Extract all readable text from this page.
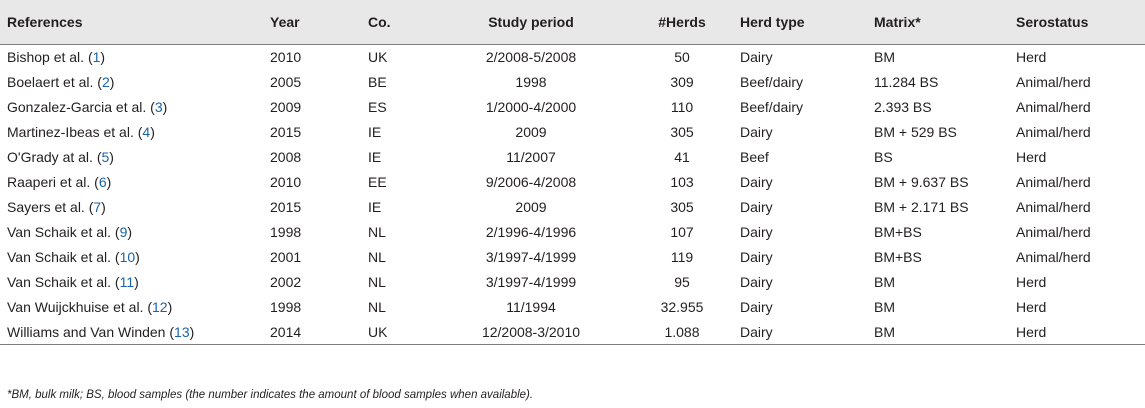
References	Year	Co.	Study period	#Herds	Herd type	Matrix*	Serostatus
Bishop et al. (1)	2010	UK	2/2008-5/2008	50	Dairy	BM	Herd
Boelaert et al. (2)	2005	BE	1998	309	Beef/dairy	11.284 BS	Animal/herd
Gonzalez-Garcia et al. (3)	2009	ES	1/2000-4/2000	110	Beef/dairy	2.393 BS	Animal/herd
Martinez-Ibeas et al. (4)	2015	IE	2009	305	Dairy	BM + 529 BS	Animal/herd
O'Grady at al. (5)	2008	IE	11/2007	41	Beef	BS	Herd
Raaperi et al. (6)	2010	EE	9/2006-4/2008	103	Dairy	BM + 9.637 BS	Animal/herd
Sayers et al. (7)	2015	IE	2009	305	Dairy	BM + 2.171 BS	Animal/herd
Van Schaik et al. (9)	1998	NL	2/1996-4/1996	107	Dairy	BM+BS	Animal/herd
Van Schaik et al. (10)	2001	NL	3/1997-4/1999	119	Dairy	BM+BS	Animal/herd
Van Schaik et al. (11)	2002	NL	3/1997-4/1999	95	Dairy	BM	Herd
Van Wuijckhuise et al. (12)	1998	NL	11/1994	32.955	Dairy	BM	Herd
Williams and Van Winden (13)	2014	UK	12/2008-3/2010	1.088	Dairy	BM	Herd
*BM, bulk milk; BS, blood samples (the number indicates the amount of blood samples when available).
